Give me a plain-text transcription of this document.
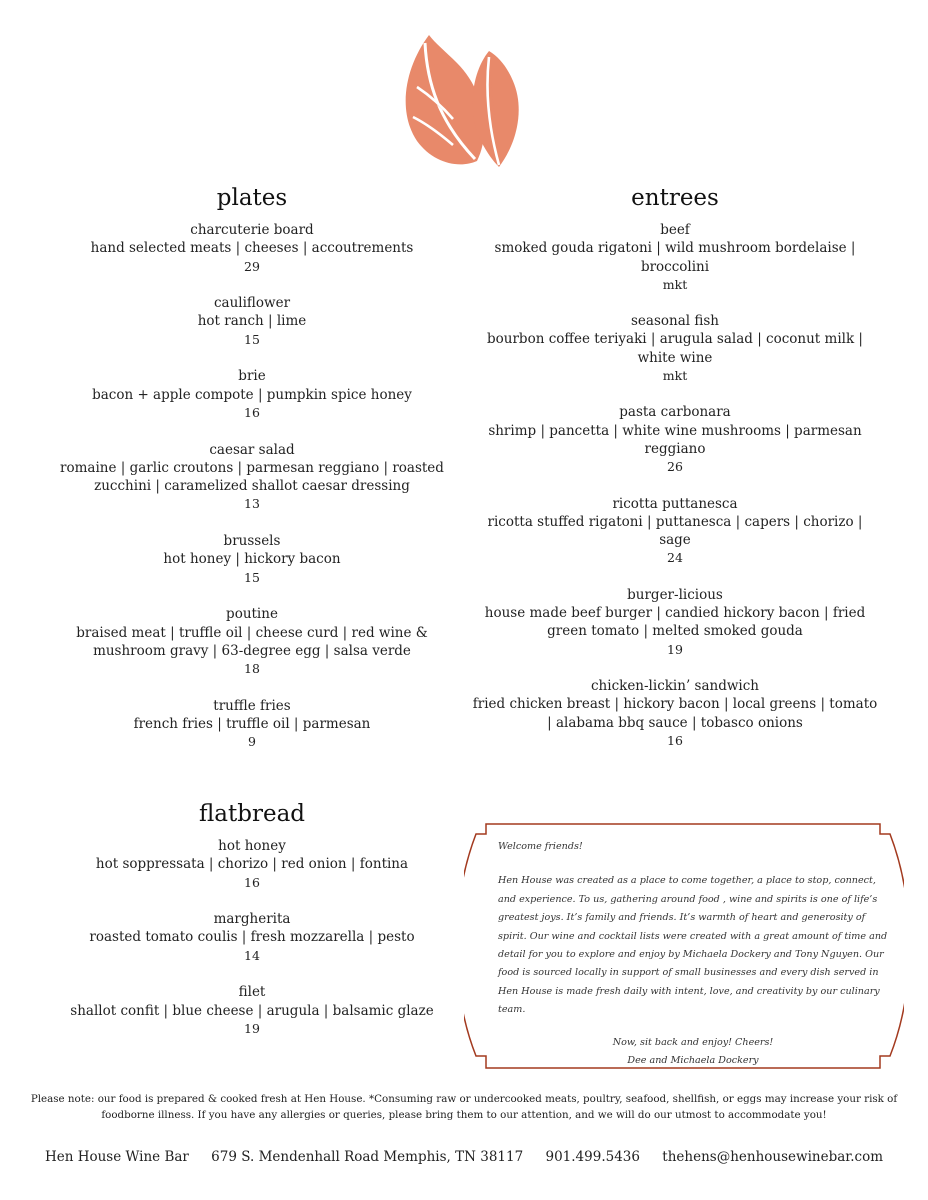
plates
charcuterie board
hand selected meats | cheeses | accoutrements
29
cauliflower
hot ranch | lime
15
brie
bacon + apple compote | pumpkin spice honey
16
caesar salad
romaine | garlic croutons | parmesan reggiano | roasted zucchini | caramelized shallot caesar dressing
13
brussels
hot honey | hickory bacon
15
poutine
braised meat | truffle oil | cheese curd | red wine & mushroom gravy | 63-degree egg | salsa verde
18
truffle fries
french fries | truffle oil | parmesan
9
entrees
beef
smoked gouda rigatoni | wild mushroom bordelaise | broccolini
mkt
seasonal fish
bourbon coffee teriyaki | arugula salad | coconut milk | white wine
mkt
pasta carbonara
shrimp | pancetta | white wine mushrooms | parmesan reggiano
26
ricotta puttanesca
ricotta stuffed rigatoni | puttanesca | capers | chorizo | sage
24
burger-licious
house made beef burger | candied hickory bacon | fried green tomato | melted smoked gouda
19
chicken-lickin’ sandwich
fried chicken breast | hickory bacon | local greens | tomato | alabama bbq sauce | tobasco onions
16
flatbread
hot honey
hot soppressata | chorizo | red onion | fontina
16
margherita
roasted tomato coulis | fresh mozzarella | pesto
14
filet
shallot confit | blue cheese | arugula | balsamic glaze
19

Welcome friends!

Hen House was created as a place to come together, a place to stop, connect, and experience. To us, gathering around food , wine and spirits is one of life’s greatest joys. It’s family and friends. It’s warmth of heart and generosity of spirit. Our wine and cocktail lists were created with a great amount of time and detail for you to explore and enjoy by Michaela Dockery and Tony Nguyen. Our food is sourced locally in support of small businesses and every dish served in Hen House is made fresh daily with intent, love, and creativity by our culinary team.

Now, sit back and enjoy! Cheers!

Dee and Michaela Dockery

Please note: our food is prepared & cooked fresh at Hen House. *Consuming raw or undercooked meats, poultry, seafood, shellfish, or eggs may increase your risk of foodborne illness. If you have any allergies or queries, please bring them to our attention, and we will do our utmost to accommodate you!
Hen House Wine Bar 679 S. Mendenhall Road Memphis, TN 38117 901.499.5436 thehens@henhousewinebar.com
